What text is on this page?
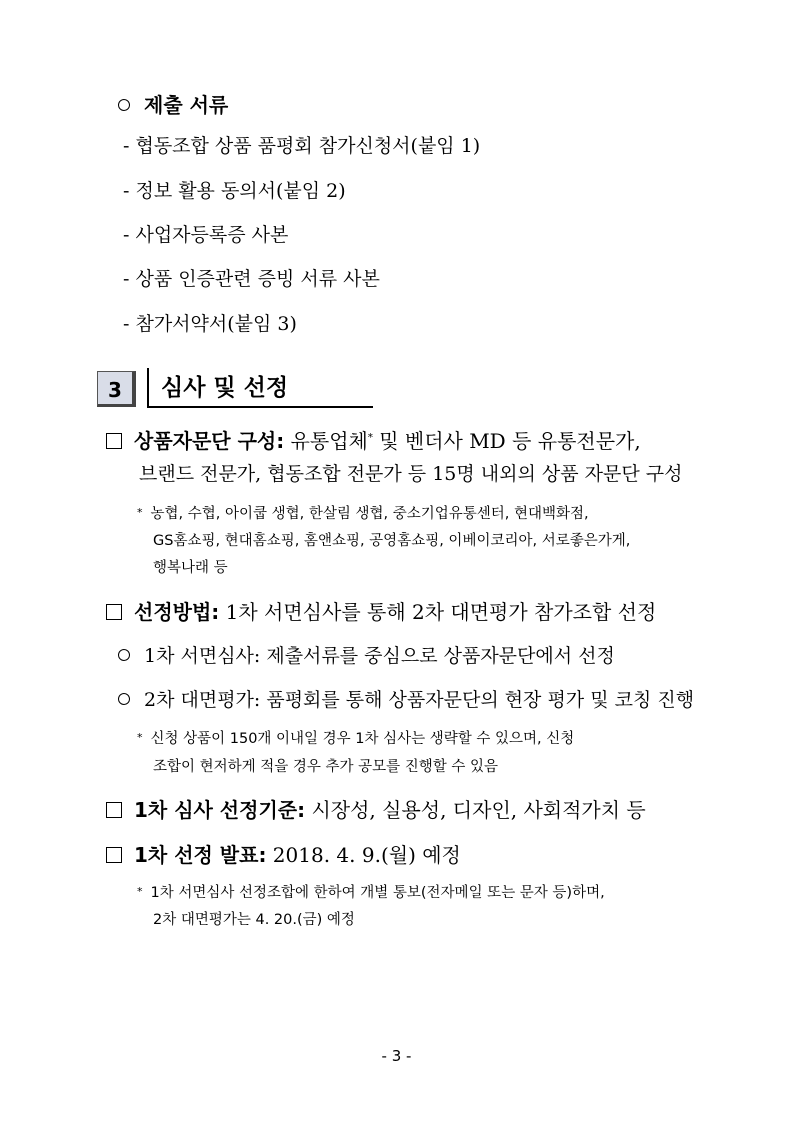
제출 서류
- 협동조합 상품 품평회 참가신청서(붙임 1)
- 정보 활용 동의서(붙임 2)
- 사업자등록증 사본
- 상품 인증관련 증빙 서류 사본
- 참가서약서(붙임 3)
3	심사 및 선정
상품자문단 구성: 유통업체* 및 벤더사 MD 등 유통전문가,
브랜드 전문가, 협동조합 전문가 등 15명 내외의 상품 자문단 구성
* 농협, 수협, 아이쿱 생협, 한살림 생협, 중소기업유통센터, 현대백화점,
GS홈쇼핑, 현대홈쇼핑, 홈앤쇼핑, 공영홈쇼핑, 이베이코리아, 서로좋은가게,
행복나래 등
선정방법: 1차 서면심사를 통해 2차 대면평가 참가조합 선정
1차 서면심사: 제출서류를 중심으로 상품자문단에서 선정
2차 대면평가: 품평회를 통해 상품자문단의 현장 평가 및 코칭 진행
* 신청 상품이 150개 이내일 경우 1차 심사는 생략할 수 있으며, 신청
조합이 현저하게 적을 경우 추가 공모를 진행할 수 있음
1차 심사 선정기준: 시장성, 실용성, 디자인, 사회적가치 등
1차 선정 발표: 2018. 4. 9.(월) 예정
* 1차 서면심사 선정조합에 한하여 개별 통보(전자메일 또는 문자 등)하며,
2차 대면평가는 4. 20.(금) 예정
- 3 -
